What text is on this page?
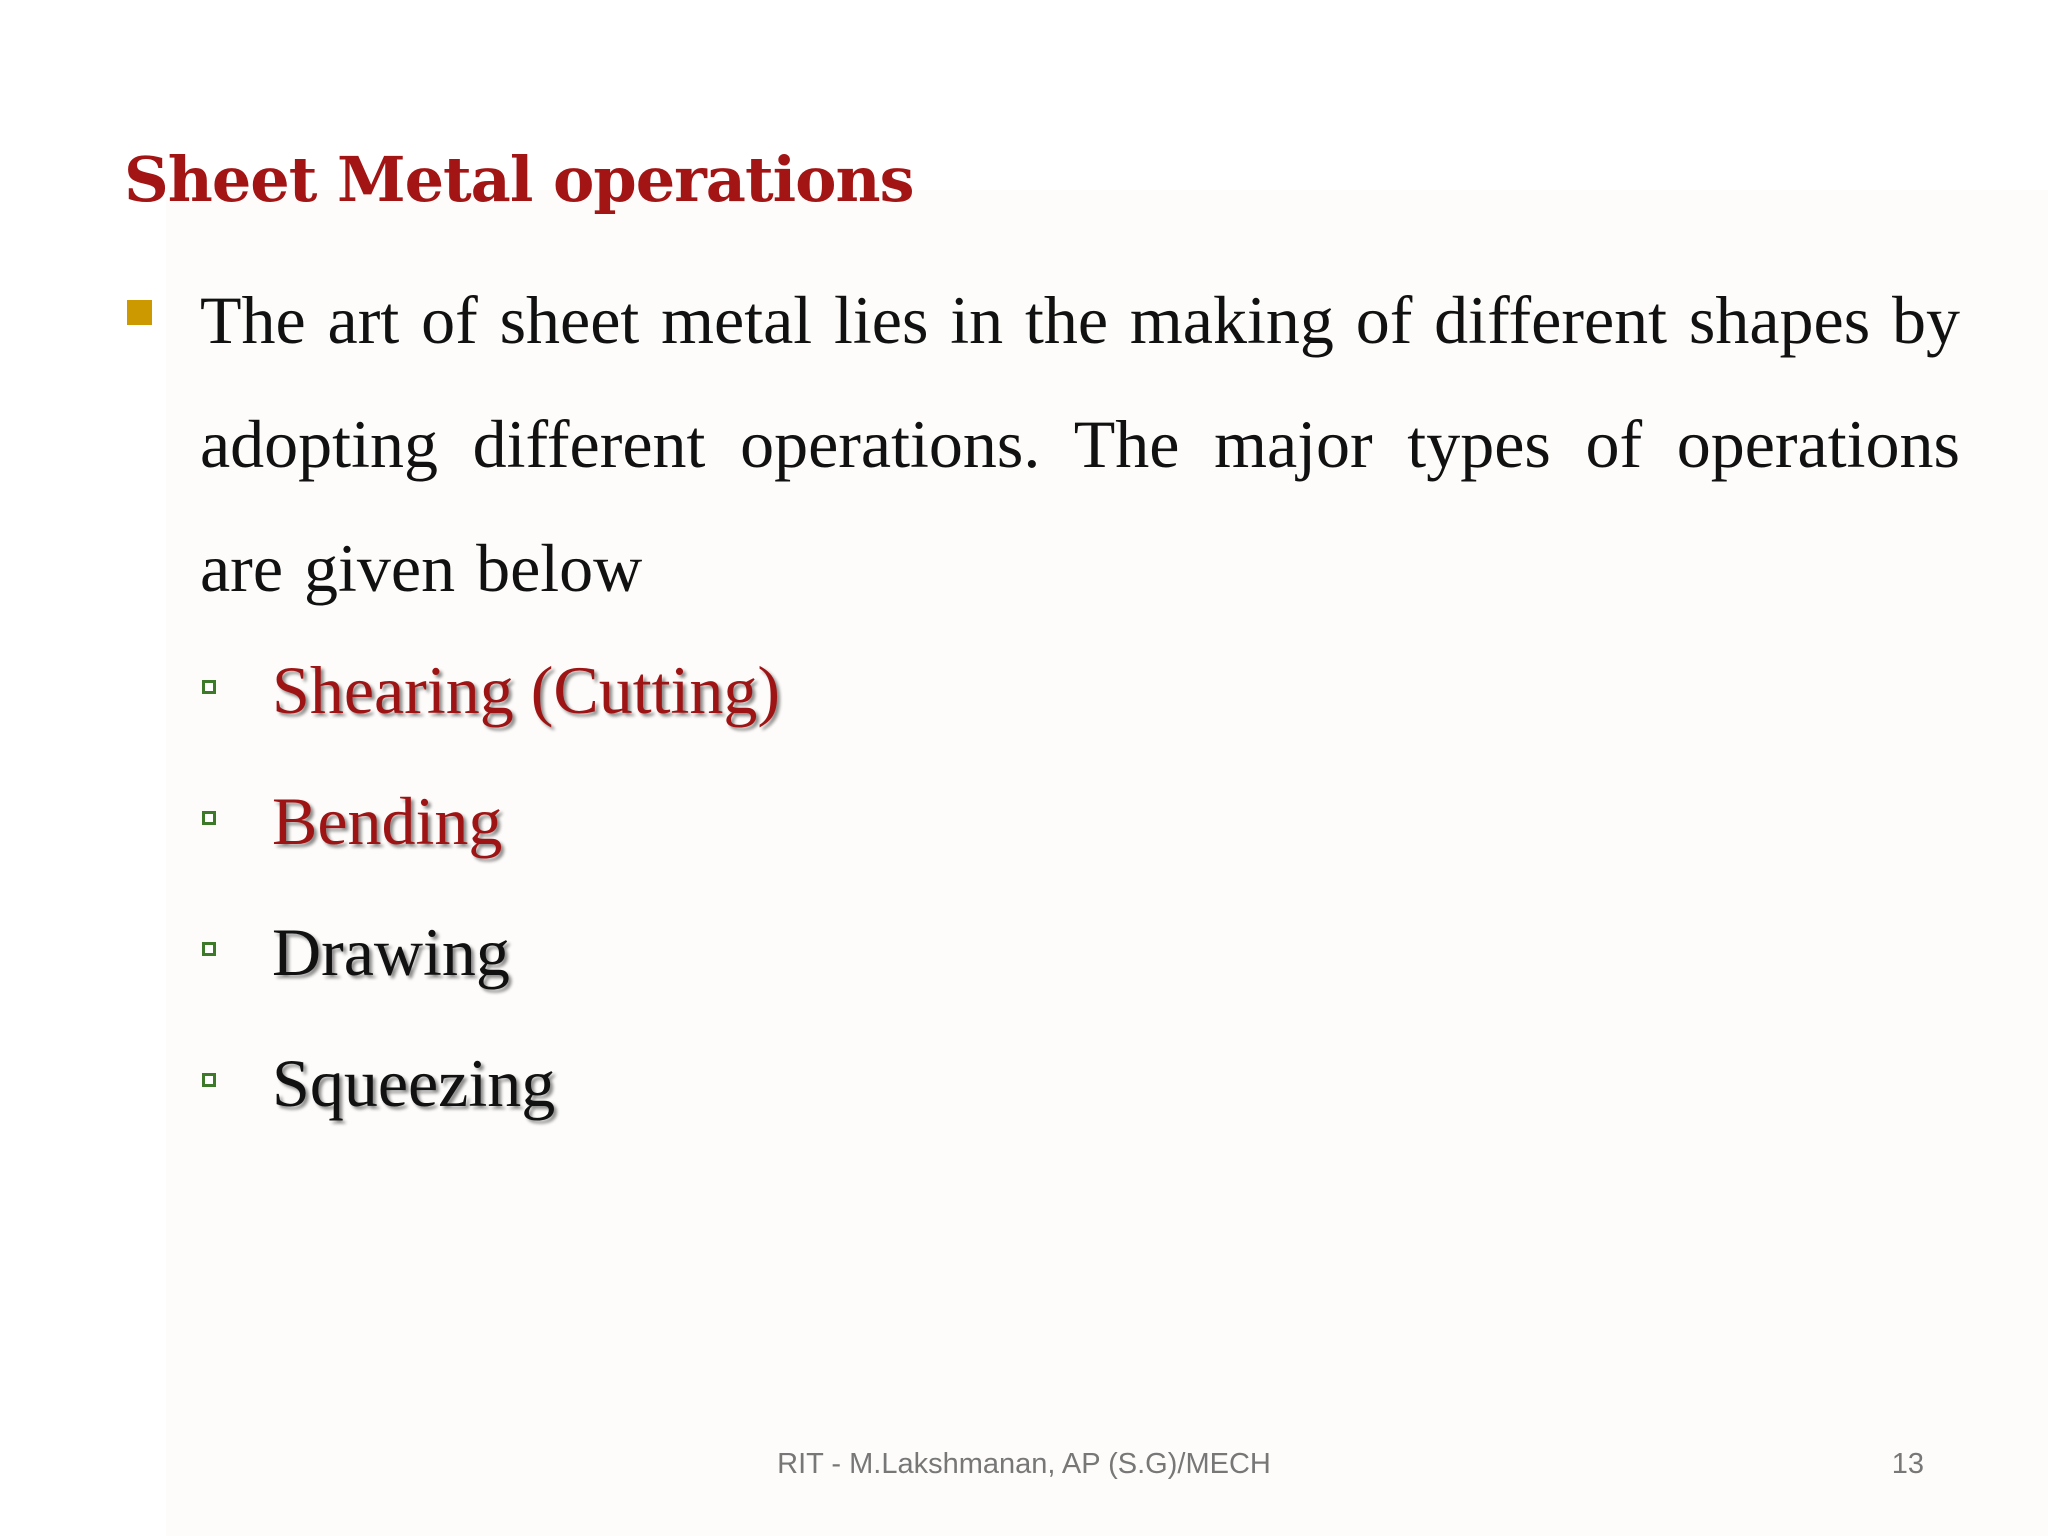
Sheet Metal operations

The art of sheet metal lies in the making of different shapes by adopting different operations. The major types of operations are given below

Shearing (Cutting)
Bending
Drawing
Squeezing
RIT - M.Lakshmanan, AP (S.G)/MECH	13
